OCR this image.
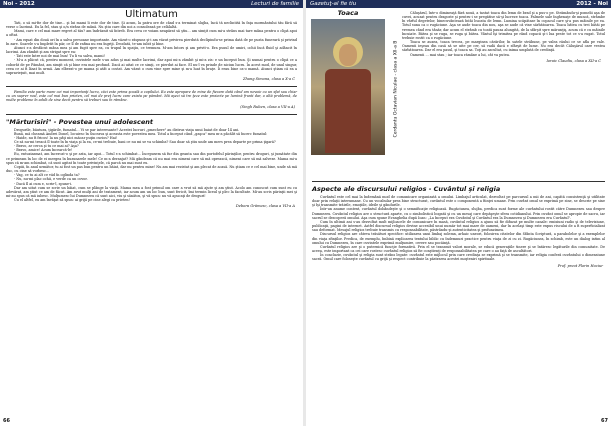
Noi - 2012	Lecturi de familie
Ultimatum

Tati, o să mi-fie dor de tine... şi lui mami îi este dor de tine. Şi acum, la patru ore de când s-a terminat slujba, încă tă neclintită în faţa mormântului tău fără să verse o lacrimă. Eu la fel, stau şi o/n strâns de mână. Nu ştiu care din noi a consolează pe celălaltă.

Mami, care e cel mai mare regret al tău? am îndrăznit să întreb. Era ceva ce voiam neapărat să ştiu... am simţit cum mi-a strâns mai tare mâna pentru o clipă apoi a oftat.

- Am equat din două ori în a salva persoane importante. Am văzut-o răspuns şi-i am văzut privirea pierdută declipindu-se prima dată de pe pusta funerară şi privind în zare. Soarele s-a împletit în păr, ce îl de rafina nu era îngriji. Deodată, te-am iubit şi bine.

Atunci s-a desfăcut mâna mea şi am fugit spre ea, cu trupul în spaţiu, ce tremura. M-am întors şi am privit-o. Era pusul de umiri, ochii încă fluid şi adâncit în lacrimi. Am zâmbit şi am strigat spre ea:

- Tati este între noi de mai bun! Tu îi va salva, mami!

- M-a a plăcut că, pentru moment, cuvintele mele s-au adus şi mai multe lacrimi, dar apoi mi-a zâmbit şi mi-a zis: e un început bun. Şi numai pentru o clipă ce a coborât de pe Pământ, am simţit că şi bine era mai profund. Dacă ai uitat ce ce simţi, ce pierdut ai face. El nu-l va prinde de niciun lucru. În acest mod, de unul singur, ceea ce ai fi lăsat în urmă. Am elberat-o pe mama şi atât a costat. Am văzut o cum vine spre mine şi m-a luat în braţe. Îi erau bine ca-o mamă. Atunci ştiam că ea a supravieţuit, mai mult.

Zhang Simona, clasa a X-a C

Familia este parte mare cei mai importanţi lucru, căci este prima şcoală a copilului. Eu este apropare de mine de fiecare dată când am nevoie cu un sfat sau chiar cu un suprer real, este cel mai bun prieten, cel mai de preţ lucru care exista pe pământ. Mă aşezi să tre ţeze este proiecte pe lumină frunti dar, o altă problemă, de multe probleme în adult de sine decit pentru să treburi sau în rămâne.

(Singh Ruben, clasa a VII-a A)
"Mărturisiri" - Povestea unui adolescent

Drogurile, băutura, ţigările, fumatul... Vi se par interesante? Acestei lucruri „pmechere" au distrus viaţa unui baiat de doar 14 ani.

Bună, mă cheamă Andrei Donel, locuiesc în Suceava şi aceasta este povestea mea. Totul a început când „gaşca" mea m-a pâcălit să încerc fumatul:

- Haide, nu fi fricos! Ia nu pâţi nici măcar puţin curios? Hai!

Ce să nu-mi treacă îl toate în în viaţa şi la ea, ce-mi trebuie, bani ce nu mi se va schimba? Sau doar să ştiu unde am mers prea departe pe prima ţigară?

- Bravo, ar cerca şi tu ce mai ai? Aşa?

- Bravo, amice! Acum încearcă-le!

Eu, entuziasmat, am încercat-o şi pe asta, iar apoi... Totul s-a schimbat... Începusem să fur din geanta sau din portofelul părinţilor, pentru droguri, şi jumătate din ce primeam în loc de ei mergea în buzunarele mele! Ce m-a deranjat? Mă gândeam că nu mai era nimeni care să mă oprească, nimeni care să mă salveze. Mama mi-a spus că m-am schimbat, că sunt agitat în toate privinţele, că parcă nu mai sunt eu.

Copiii, în anul următor, tu ai fost un pas bun pentru un băiat, dar nu pentru mine! Nu am mai rezistat şi am plecat de acasă. Nu ştiam ce e cel mai bine, unde să mă duc, cu cine să vorbesc...

- Vag, ce tu ai alt ce văd în oglinda ta?

- Nu, nu-mi plac ochii, e verde ca un covor.

- Dacă îl ai cum e, scrie-l, spune-i.

Dar am uitat cum se scrie un băiat, cum se plânge la viaţă. Mama mea a fost primul om care a vrut să mă ajute şi am ştiut. Acolo am cunoscut cum sunt eu cu adevărat, am ştiut ce am de făcut. Am avut mulţi ani de tratament, iar acum am un loc bun, sunt fericit, îmi termin liceul şi plec la facultate. Mi-au scris părinţii mei şi mi-au spus că mă iubesc. Mulţumesc lui Dumnezeu că sunt aici, viu şi sănătos, şi vă spun: nu vă apucaţi de droguri!

Cu el altfel, eu am învăţat să spun: ai grijă pe cine alegi ca prieten!

Debora Grămesc, clasa a VII-a A
66
Gazetuţ-al fie tiu	2012 - Noi
Toaca
Cerdantu Octavian Niculae - clasa a XII-a B

Căluşărul, într-o dimineaţă fără nouă, a tastat toaca din lemn de brad şi a pus-o pe. Strămându-şi pomelii aşa de cuvei, acuzat pentru dragoste şi pentru-i se pregătise să-şi lucreze toaca. Palmele sale înghenaţe de muncă, strâmbe în vârful degetelor, binecuvântează întâi bucata de lemn. Lumina scăpătase în copacul care şi-a pus mâinile pe ea. Totul suna ca o rugăciune. Aşa se aude toaca din nou, aşa se aude că vine sărbătoarea. Toaca bătea cu trei bătăi pe vremea când era tânăr, dar acum el strâmb cu toată pauza alungită, de la sfârşit spre mărunţiş, acum că e cu mâinile încuiate. Bătea şi se ruga, se ruga şi bătea. Vântul îşi trimitea pe rând copacii şi-i lua peste tot ce s-a rugat. Totul trebuie rostit ca o rugăciune.

Toaca se auzea, toaca trecea, pe marginea cărărilor, în satele străbune, pe valea răului ce se afla pe vale. Oamenii ieşeau din casă să se uite pe cer, să vadă dacă e sfârşit de lume. Nu era decât Căluşărul care vestea sărbătoarea. Dar el era pasul, şi toaca sa. Toţi au ascultat, cu inima umplută de credinţă.

Oamenii ... mai stau ; iar toaca rămâne a lui, cât va putea.

Ioraic Claudiu, clasa a XII-a C
Aspecte ale discursului religios - Cuvântul şi religia

Cuvântul este cel mai la îndemână mod de comunicare organizată a omului. Limbajul articulat, dezvoltat pe parcursul a mii de ani, capătă consistenţă şi utilitate doar prin relaţii interumane. Cu un vocabular prea bine structurat, cuvântul este o componentă a fiinţei umane. Prin cuvânt omul se exprimă pe sine, se descrie pe sine şi îşi transmite trăirile, emoţiile, ideile şi gândurile.

Într-un anume context, cuvântul dobândeşte şi o semnificaţie religioasă. Rugăciunea, slujba, predica sunt forme ale cuvântului rostit către Dumnezeu sau despre Dumnezeu. Cuvântul religios are o structură aparte, cu o simbolistică bogată şi cu un mesaj care depăşeşte sfera cotidianului. Prin cuvânt omul se apropie de sacru, iar sacrul se descoperă omului. Aşa cum spune Evanghelia după Ioan: „La început era Cuvântul şi Cuvântul era la Dumnezeu şi Dumnezeu era Cuvântul".

Cum în ultimii ani s-au dezvoltat mult mijloacele de comunicare în masă, cuvântul religios a ajuns să fie difuzat pe multe canale: emisiuni radio şi de televiziune, publicaţii, pagini de internet. Astfel discursul religios devine accesibil unui număr tot mai mare de oameni, dar în acelaşi timp este expus riscului de a fi superficializat sau deformat. Mesajul religios trebuie transmis cu responsabilitate, păstrându-şi autenticitatea şi profunzimea.

Discursul religios are câteva trăsături specifice: utilizarea unui limbaj solemn, arhaic uneori, folosirea citatelor din Sfânta Scriptură, a parabolelor şi a exemplelor din viaţa sfinţilor. Predica, de exemplu, îmbină explicarea textului biblic cu îndemnuri practice pentru viaţa de zi cu zi. Rugăciunea, în schimb, este un dialog intim al omului cu Dumnezeu, în care cuvintele exprimă mulţumire, cerere sau pocăinţă.

Cuvântul religios are şi o puternică funcţie formativă. Prin el se transmit valori morale, se educă generaţiile tinere şi se întăresc legăturile din comunitate. De aceea, este important ca cei care rostesc cuvântul religios să fie conştienţi de responsabilitatea pe care o au faţă de ascultători.

În concluzie, cuvântul şi religia sunt strâns legate: cuvântul este mijlocul prin care credinţa se exprimă şi se transmite, iar religia conferă cuvântului o dimensiune sacră. Omul care foloseşte cuvântul cu grijă şi respect contribuie la păstrarea acestei moşteniri spirituale.

Prof. preot Florin Hociur
67
